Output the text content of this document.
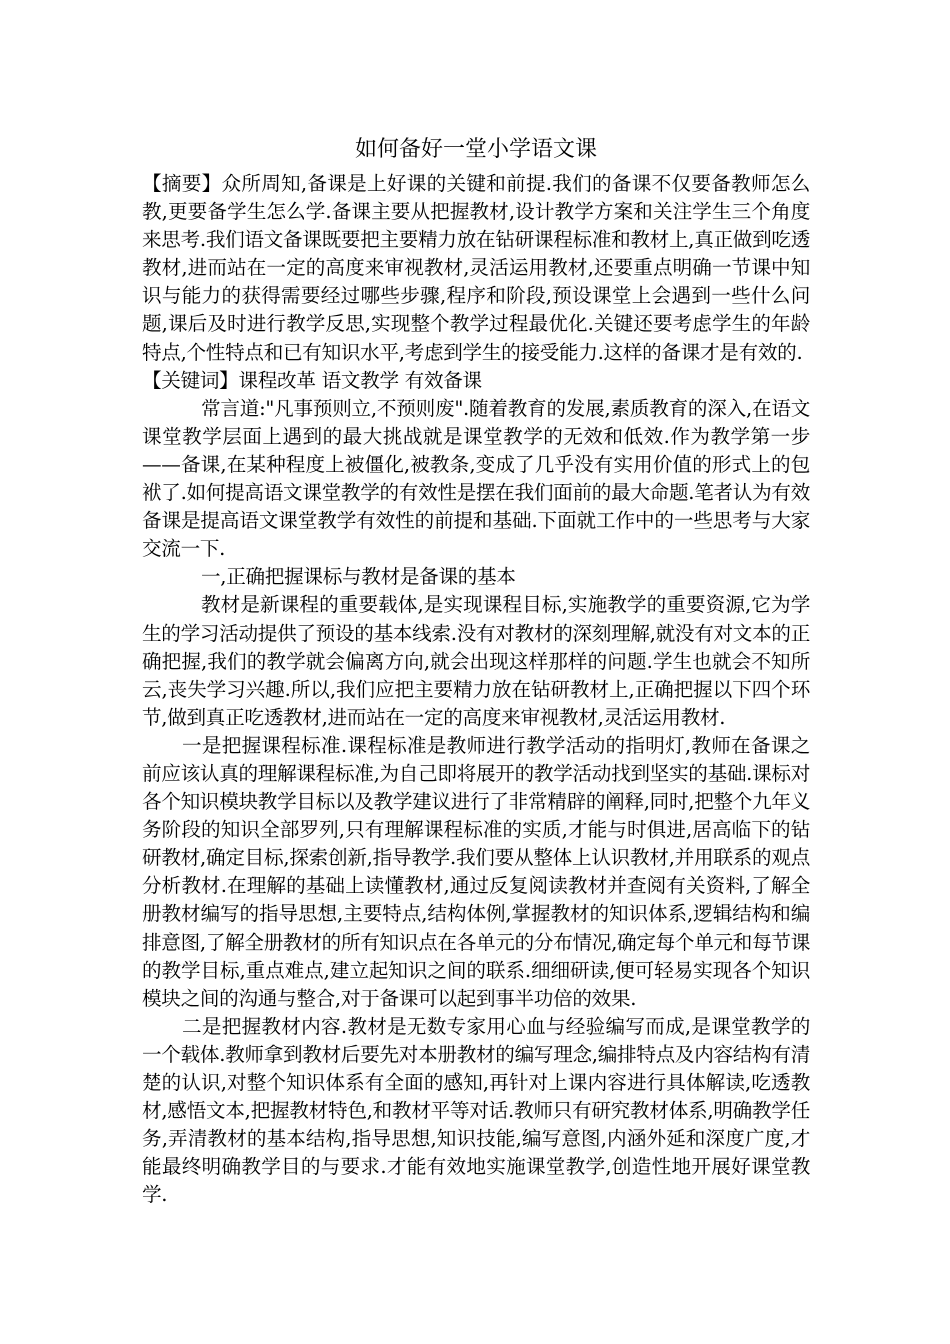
如何备好一堂小学语文课

【摘要】众所周知,备课是上好课的关键和前提.我们的备课不仅要备教师怎么教,更要备学生怎么学.备课主要从把握教材,设计教学方案和关注学生三个角度来思考.我们语文备课既要把主要精力放在钻研课程标准和教材上,真正做到吃透教材,进而站在一定的高度来审视教材,灵活运用教材,还要重点明确一节课中知识与能力的获得需要经过哪些步骤,程序和阶段,预设课堂上会遇到一些什么问题,课后及时进行教学反思,实现整个教学过程最优化.关键还要考虑学生的年龄特点,个性特点和已有知识水平,考虑到学生的接受能力.这样的备课才是有效的.

【关键词】课程改革 语文教学 有效备课

常言道:"凡事预则立,不预则废".随着教育的发展,素质教育的深入,在语文课堂教学层面上遇到的最大挑战就是课堂教学的无效和低效.作为教学第一步——备课,在某种程度上被僵化,被教条,变成了几乎没有实用价值的形式上的包袱了.如何提高语文课堂教学的有效性是摆在我们面前的最大命题.笔者认为有效备课是提高语文课堂教学有效性的前提和基础.下面就工作中的一些思考与大家交流一下.

一,正确把握课标与教材是备课的基本

教材是新课程的重要载体,是实现课程目标,实施教学的重要资源,它为学生的学习活动提供了预设的基本线索.没有对教材的深刻理解,就没有对文本的正确把握,我们的教学就会偏离方向,就会出现这样那样的问题.学生也就会不知所云,丧失学习兴趣.所以,我们应把主要精力放在钻研教材上,正确把握以下四个环节,做到真正吃透教材,进而站在一定的高度来审视教材,灵活运用教材.

一是把握课程标准.课程标准是教师进行教学活动的指明灯,教师在备课之前应该认真的理解课程标准,为自己即将展开的教学活动找到坚实的基础.课标对各个知识模块教学目标以及教学建议进行了非常精辟的阐释,同时,把整个九年义务阶段的知识全部罗列,只有理解课程标准的实质,才能与时俱进,居高临下的钻研教材,确定目标,探索创新,指导教学.我们要从整体上认识教材,并用联系的观点分析教材.在理解的基础上读懂教材,通过反复阅读教材并查阅有关资料,了解全册教材编写的指导思想,主要特点,结构体例,掌握教材的知识体系,逻辑结构和编排意图,了解全册教材的所有知识点在各单元的分布情况,确定每个单元和每节课的教学目标,重点难点,建立起知识之间的联系.细细研读,便可轻易实现各个知识模块之间的沟通与整合,对于备课可以起到事半功倍的效果.

二是把握教材内容.教材是无数专家用心血与经验编写而成,是课堂教学的一个载体.教师拿到教材后要先对本册教材的编写理念,编排特点及内容结构有清楚的认识,对整个知识体系有全面的感知,再针对上课内容进行具体解读,吃透教材,感悟文本,把握教材特色,和教材平等对话.教师只有研究教材体系,明确教学任务,弄清教材的基本结构,指导思想,知识技能,编写意图,内涵外延和深度广度,才能最终明确教学目的与要求.才能有效地实施课堂教学,创造性地开展好课堂教学.
